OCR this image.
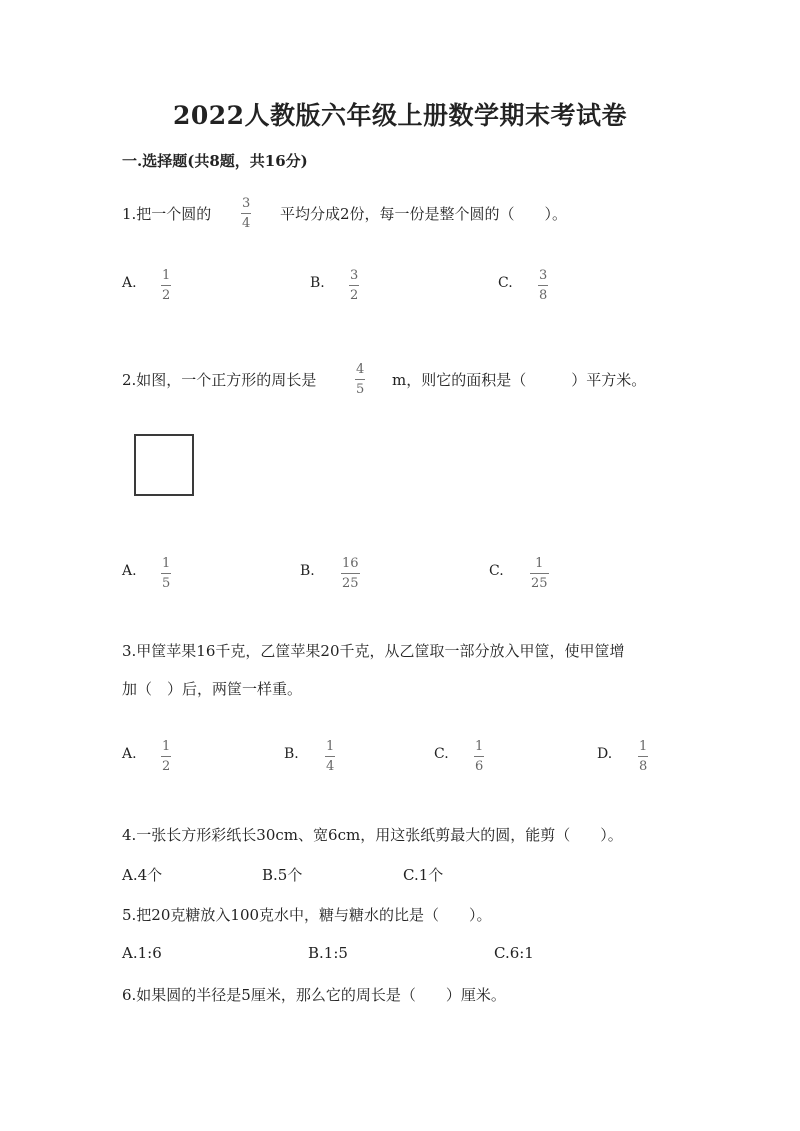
2022人教版六年级上册数学期末考试卷
一.选择题(共8题，共16分)
1.把一个圆的
3
4
平均分成2份，每一份是整个圆的（　　）。
A. 1
2
B. 3
2
C. 3
8
2.如图，一个正方形的周长是
4
5
m，则它的面积是（　　　）平方米。
A. 1
5
B. 16
25
C. 1
25
3.甲筐苹果16千克，乙筐苹果20千克，从乙筐取一部分放入甲筐，使甲筐增
加（　）后，两筐一样重。
A. 1
2
B. 1
4
C. 1
6
D. 1
8
4.一张长方形彩纸长30cm、宽6cm，用这张纸剪最大的圆，能剪（　　）。
A.4个	B.5个	C.1个
5.把20克糖放入100克水中，糖与糖水的比是（　　）。
A.1:6	B.1:5	C.6:1
6.如果圆的半径是5厘米，那么它的周长是（　　）厘米。
